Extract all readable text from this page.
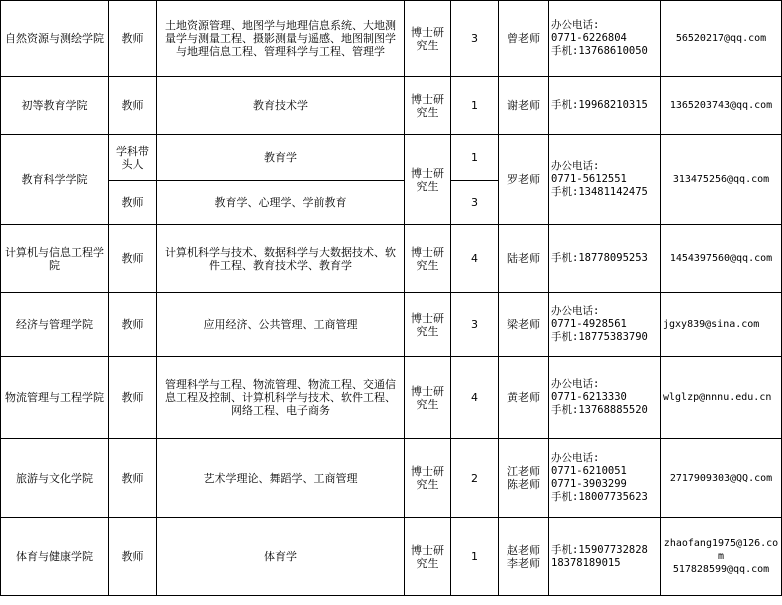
自然资源与测绘学院	教师	土地资源管理、地图学与地理信息系统、大地测量学与测量工程、摄影测量与遥感、地图制图学与地理信息工程、管理科学与工程、管理学	博士研究生	3	曾老师	办公电话:
0771-6226804
手机:13768610050	56520217@qq.com
初等教育学院	教师	教育技术学	博士研究生	1	谢老师	手机:19968210315	1365203743@qq.com
教育科学学院	学科带头人	教育学	博士研究生	1	罗老师	办公电话:
0771-5612551
手机:13481142475	313475256@qq.com
	教师	教育学、心理学、学前教育		3			
计算机与信息工程学院	教师	计算机科学与技术、数据科学与大数据技术、软件工程、教育技术学、教育学	博士研究生	4	陆老师	手机:18778095253	1454397560@qq.com
经济与管理学院	教师	应用经济、公共管理、工商管理	博士研究生	3	梁老师	办公电话:
0771-4928561
手机:18775383790	jgxy839@sina.com
物流管理与工程学院	教师	管理科学与工程、物流管理、物流工程、交通信息工程及控制、计算机科学与技术、软件工程、网络工程、电子商务	博士研究生	4	黄老师	办公电话:
0771-6213330
手机:13768885520	wlglzp@nnnu.edu.cn
旅游与文化学院	教师	艺术学理论、舞蹈学、工商管理	博士研究生	2	江老师
陈老师	办公电话:
0771-6210051
0771-3903299
手机:18007735623	2717909303@QQ.com
体育与健康学院	教师	体育学	博士研究生	1	赵老师
李老师	手机:15907732828
18378189015	zhaofang1975@126.com
517828599@qq.com
